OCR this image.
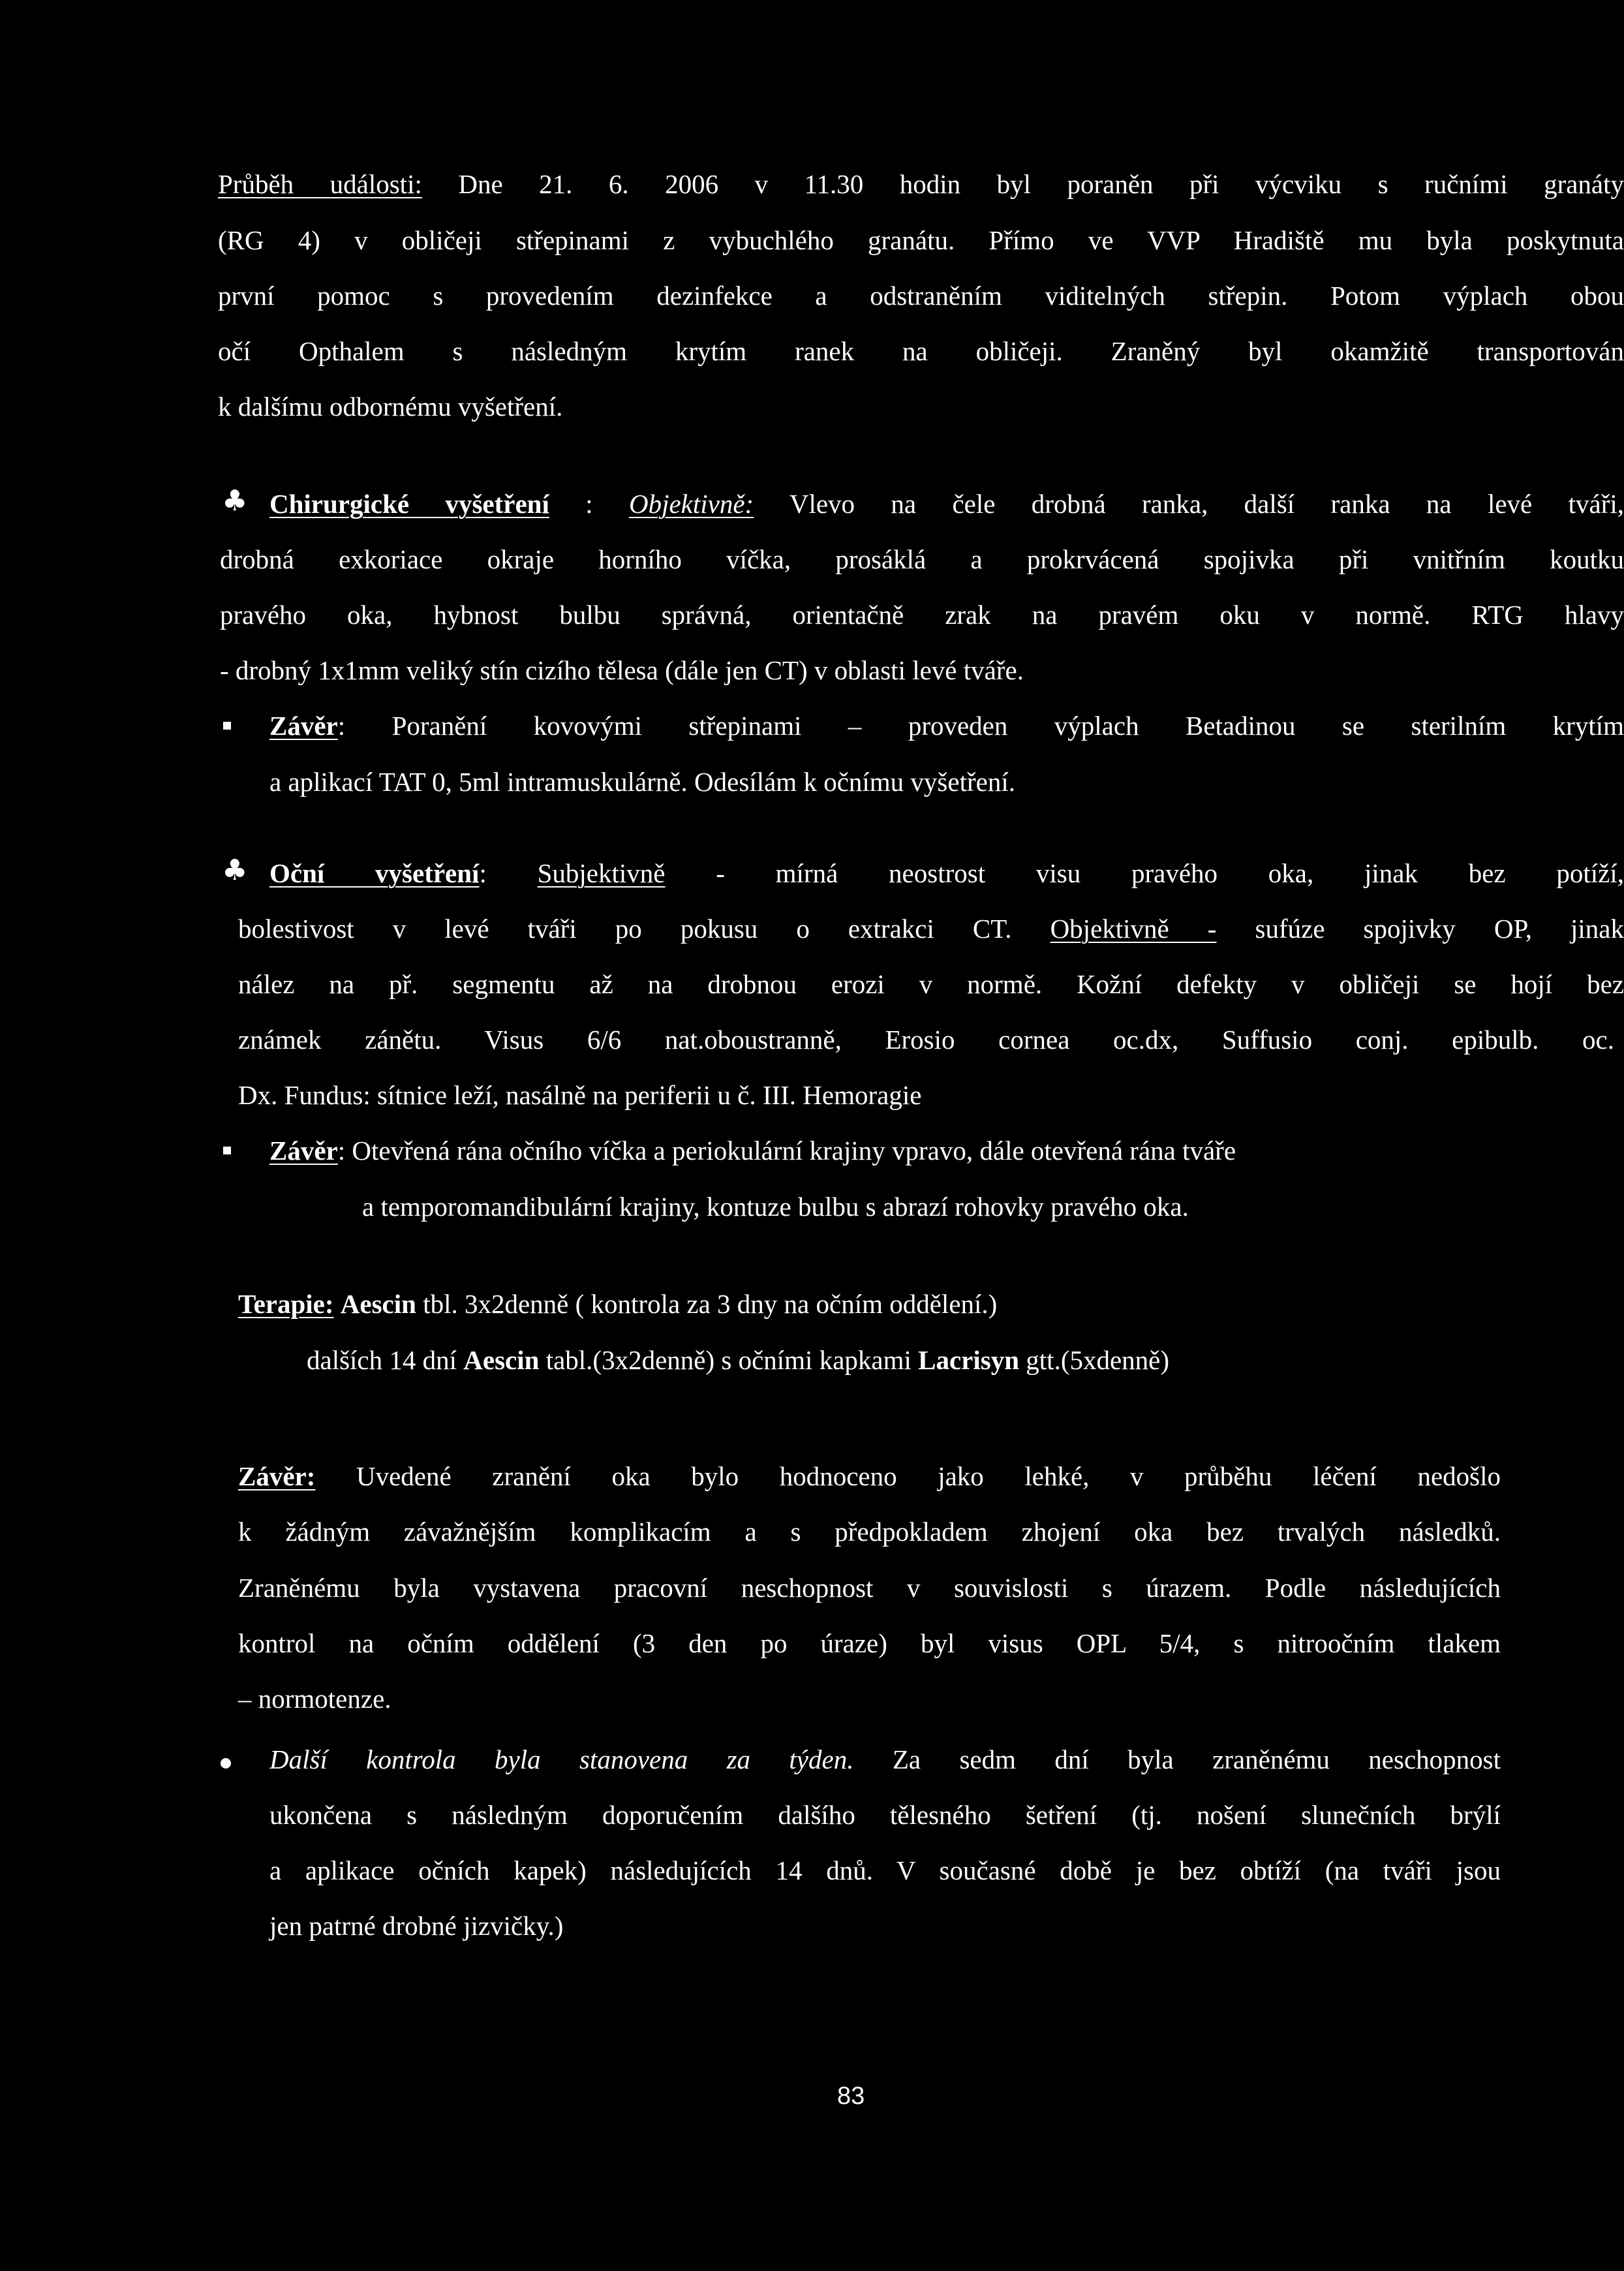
Průběh události: Dne 21. 6. 2006 v 11.30 hodin byl poraněn při výcviku s ručními granáty
(RG 4) v obličeji střepinami z vybuchlého granátu. Přímo ve VVP Hradiště mu byla poskytnuta
první pomoc s provedením dezinfekce a odstraněním viditelných střepin. Potom výplach obou
očí Opthalem s následným krytím ranek na obličeji. Zraněný byl okamžitě transportován
k dalšímu odbornému vyšetření.
♣ Chirurgické vyšetření : Objektivně: Vlevo na čele drobná ranka, další ranka na levé tváři,
drobná exkoriace okraje horního víčka, prosáklá a prokrvácená spojivka při vnitřním koutku
pravého oka, hybnost bulbu správná, orientačně zrak na pravém oku v normě. RTG hlavy
- drobný 1x1mm veliký stín cizího tělesa (dále jen CT) v oblasti levé tváře.
Závěr: Poranění kovovými střepinami – proveden výplach Betadinou se sterilním krytím
a aplikací TAT 0, 5ml intramuskulárně. Odesílám k očnímu vyšetření.
♣ Oční vyšetření: Subjektivně - mírná neostrost visu pravého oka, jinak bez potíží,
bolestivost v levé tváři po pokusu o extrakci CT. Objektivně - sufúze spojivky OP, jinak
nález na př. segmentu až na drobnou erozi v normě. Kožní defekty v obličeji se hojí bez
známek zánětu. Visus 6/6 nat.oboustranně, Erosio cornea oc.dx, Suffusio conj. epibulb. oc.
Dx. Fundus: sítnice leží, nasálně na periferii u č. III. Hemoragie
Závěr: Otevřená rána očního víčka a periokulární krajiny vpravo, dále otevřená rána tváře
a temporomandibulární krajiny, kontuze bulbu s abrazí rohovky pravého oka.
Terapie: Aescin tbl. 3x2denně ( kontrola za 3 dny na očním oddělení.)
dalších 14 dní Aescin tabl.(3x2denně) s očními kapkami Lacrisyn gtt.(5xdenně)
Závěr: Uvedené zranění oka bylo hodnoceno jako lehké, v průběhu léčení nedošlo
k žádným závažnějším komplikacím a s předpokladem zhojení oka bez trvalých následků.
Zraněnému byla vystavena pracovní neschopnost v souvislosti s úrazem. Podle následujících
kontrol na očním oddělení (3 den po úraze) byl visus OPL 5/4, s nitroočním tlakem
– normotenze.
Další kontrola byla stanovena za týden. Za sedm dní byla zraněnému neschopnost
ukončena s následným doporučením dalšího tělesného šetření (tj. nošení slunečních brýlí
a aplikace očních kapek) následujících 14 dnů. V současné době je bez obtíží (na tváři jsou
jen patrné drobné jizvičky.)
83
